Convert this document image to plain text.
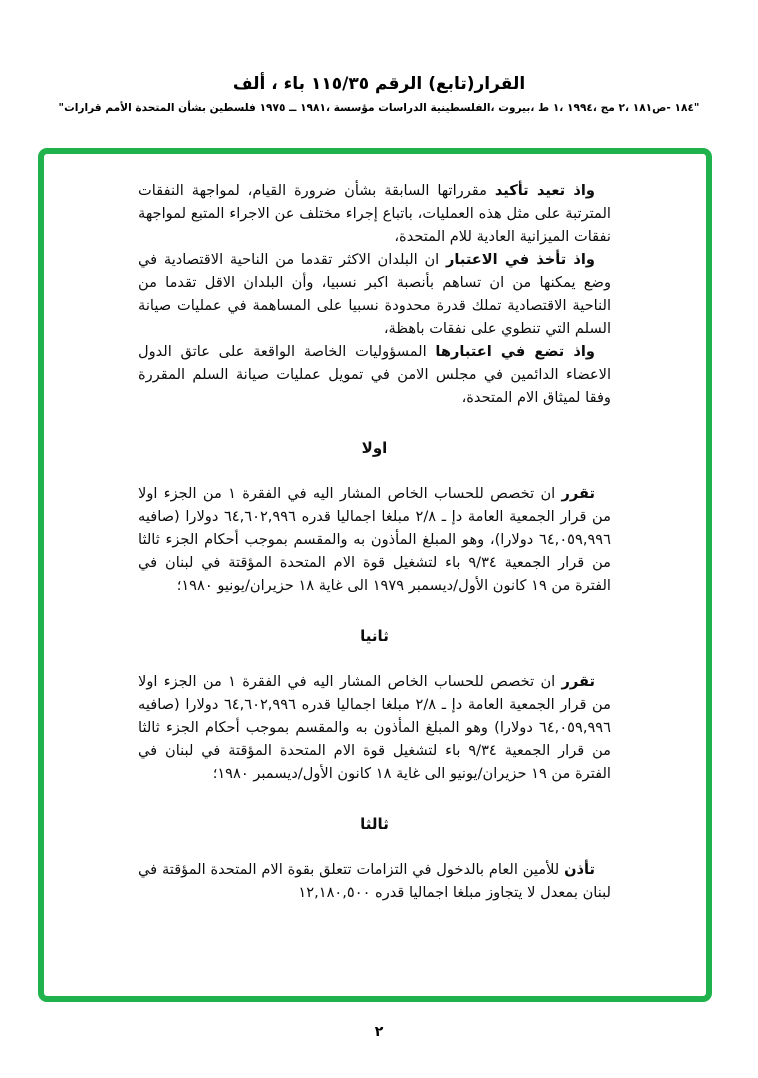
ألف ، باء ١١٥/٣٥ الرقم (تابع)‎القرار
"قرارات الأمم المتحدة بشأن فلسطين ١٩٧٥ ــ ١٩٨١، مؤسسة الدراسات الفلسطينية، بيروت، ط ١، ١٩٩٤، مج ٢، ص١٨١- ١٨٤"

واذ تعيد تأكيد مقرراتها السابقة بشأن ضرورة القيام، لمواجهة النفقات المترتبة على مثل هذه العمليات، باتباع إجراء مختلف عن الاجراء المتبع لمواجهة نفقات الميزانية العادية للام المتحدة،

واذ تأخذ في الاعتبار ان البلدان الاكثر تقدما من الناحية الاقتصادية في وضع يمكنها من ان تساهم بأنصبة اكبر نسبيا، وأن البلدان الاقل تقدما من الناحية الاقتصادية تملك قدرة محدودة نسبيا على المساهمة في عمليات صيانة السلم التي تنطوي على نفقات باهظة،

واذ تضع في اعتبارها المسؤوليات الخاصة الواقعة على عاتق الدول الاعضاء الدائمين في مجلس الامن في تمويل عمليات صيانة السلم المقررة وفقا لميثاق الام المتحدة،

اولا

تقرر ان تخصص للحساب الخاص المشار اليه في الفقرة ١ من الجزء اولا من قرار الجمعية العامة دإ ـ ٢/٨ مبلغا اجماليا قدره ٦٤,٦٠٢,٩٩٦ دولارا (صافيه ٦٤,٠٥٩,٩٩٦ دولارا)، وهو المبلغ المأذون به والمقسم بموجب أحكام الجزء ثالثا من قرار الجمعية ٩/٣٤ باء لتشغيل قوة الام المتحدة المؤقتة في لبنان في الفترة من ١٩ كانون الأول/ديسمبر ١٩٧٩ الى غاية ١٨ حزيران/يونيو ١٩٨٠؛

ثانيا

تقرر ان تخصص للحساب الخاص المشار اليه في الفقرة ١ من الجزء اولا من قرار الجمعية العامة دإ ـ ٢/٨ مبلغا اجماليا قدره ٦٤,٦٠٢,٩٩٦ دولارا (صافيه ٦٤,٠٥٩,٩٩٦ دولارا) وهو المبلغ المأذون به والمقسم بموجب أحكام الجزء ثالثا من قرار الجمعية ٩/٣٤ باء لتشغيل قوة الام المتحدة المؤقتة في لبنان في الفترة من ١٩ حزيران/يونيو الى غاية ١٨ كانون الأول/ديسمبر ١٩٨٠؛

ثالثا

تأذن للأمين العام بالدخول في التزامات تتعلق بقوة الام المتحدة المؤقتة في لبنان بمعدل لا يتجاوز مبلغا اجماليا قدره ١٢,١٨٠,٥٠٠

٢
